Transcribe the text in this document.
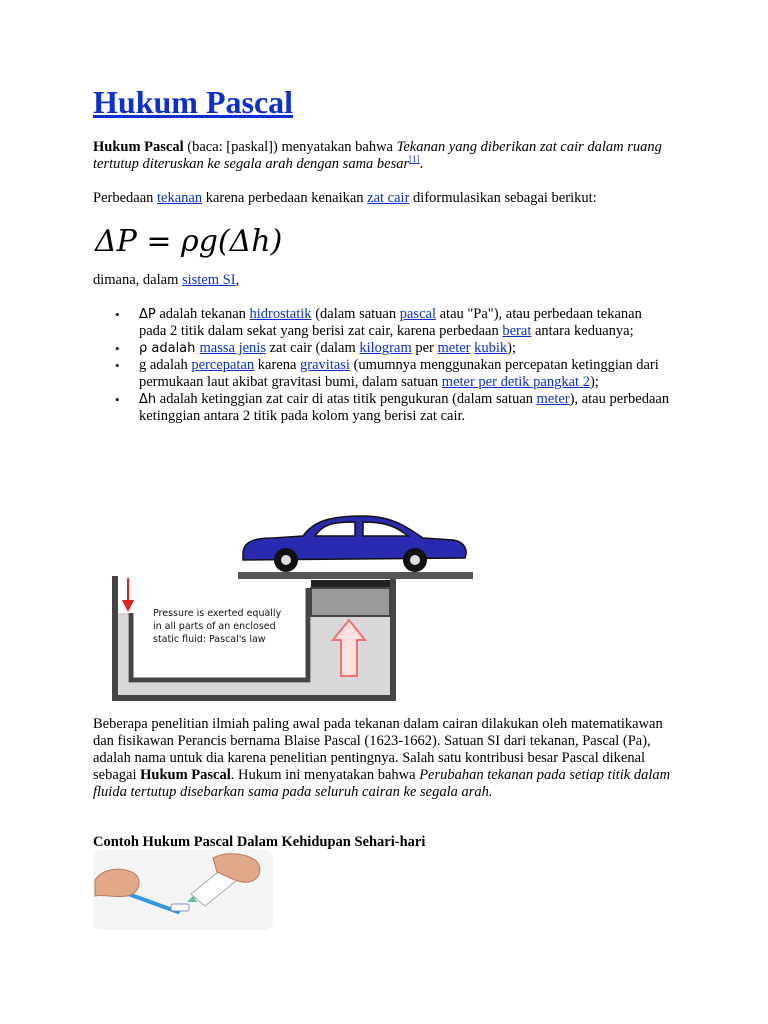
Hukum Pascal

Hukum Pascal (baca: [paskal]) menyatakan bahwa Tekanan yang diberikan zat cair dalam ruang tertutup diteruskan ke segala arah dengan sama besar[1].

Perbedaan tekanan karena perbedaan kenaikan zat cair diformulasikan sebagai berikut:

ΔP = ρg(Δh)

dimana, dalam sistem SI,

• ΔP adalah tekanan hidrostatik (dalam satuan pascal atau "Pa"), atau perbedaan tekanan pada 2 titik dalam sekat yang berisi zat cair, karena perbedaan berat antara keduanya;
• ρ adalah massa jenis zat cair (dalam kilogram per meter kubik);
• g adalah percepatan karena gravitasi (umumnya menggunakan percepatan ketinggian dari permukaan laut akibat gravitasi bumi, dalam satuan meter per detik pangkat 2);
• Δh adalah ketinggian zat cair di atas titik pengukuran (dalam satuan meter), atau perbedaan ketinggian antara 2 titik pada kolom yang berisi zat cair.
Pressure is exerted equally
in all parts of an enclosed
static fluid: Pascal's law

Beberapa penelitian ilmiah paling awal pada tekanan dalam cairan dilakukan oleh matematikawan dan fisikawan Perancis bernama Blaise Pascal (1623-1662). Satuan SI dari tekanan, Pascal (Pa), adalah nama untuk dia karena penelitian pentingnya. Salah satu kontribusi besar Pascal dikenal sebagai Hukum Pascal. Hukum ini menyatakan bahwa Perubahan tekanan pada setiap titik dalam fluida tertutup disebarkan sama pada seluruh cairan ke segala arah.

Contoh Hukum Pascal Dalam Kehidupan Sehari-hari
